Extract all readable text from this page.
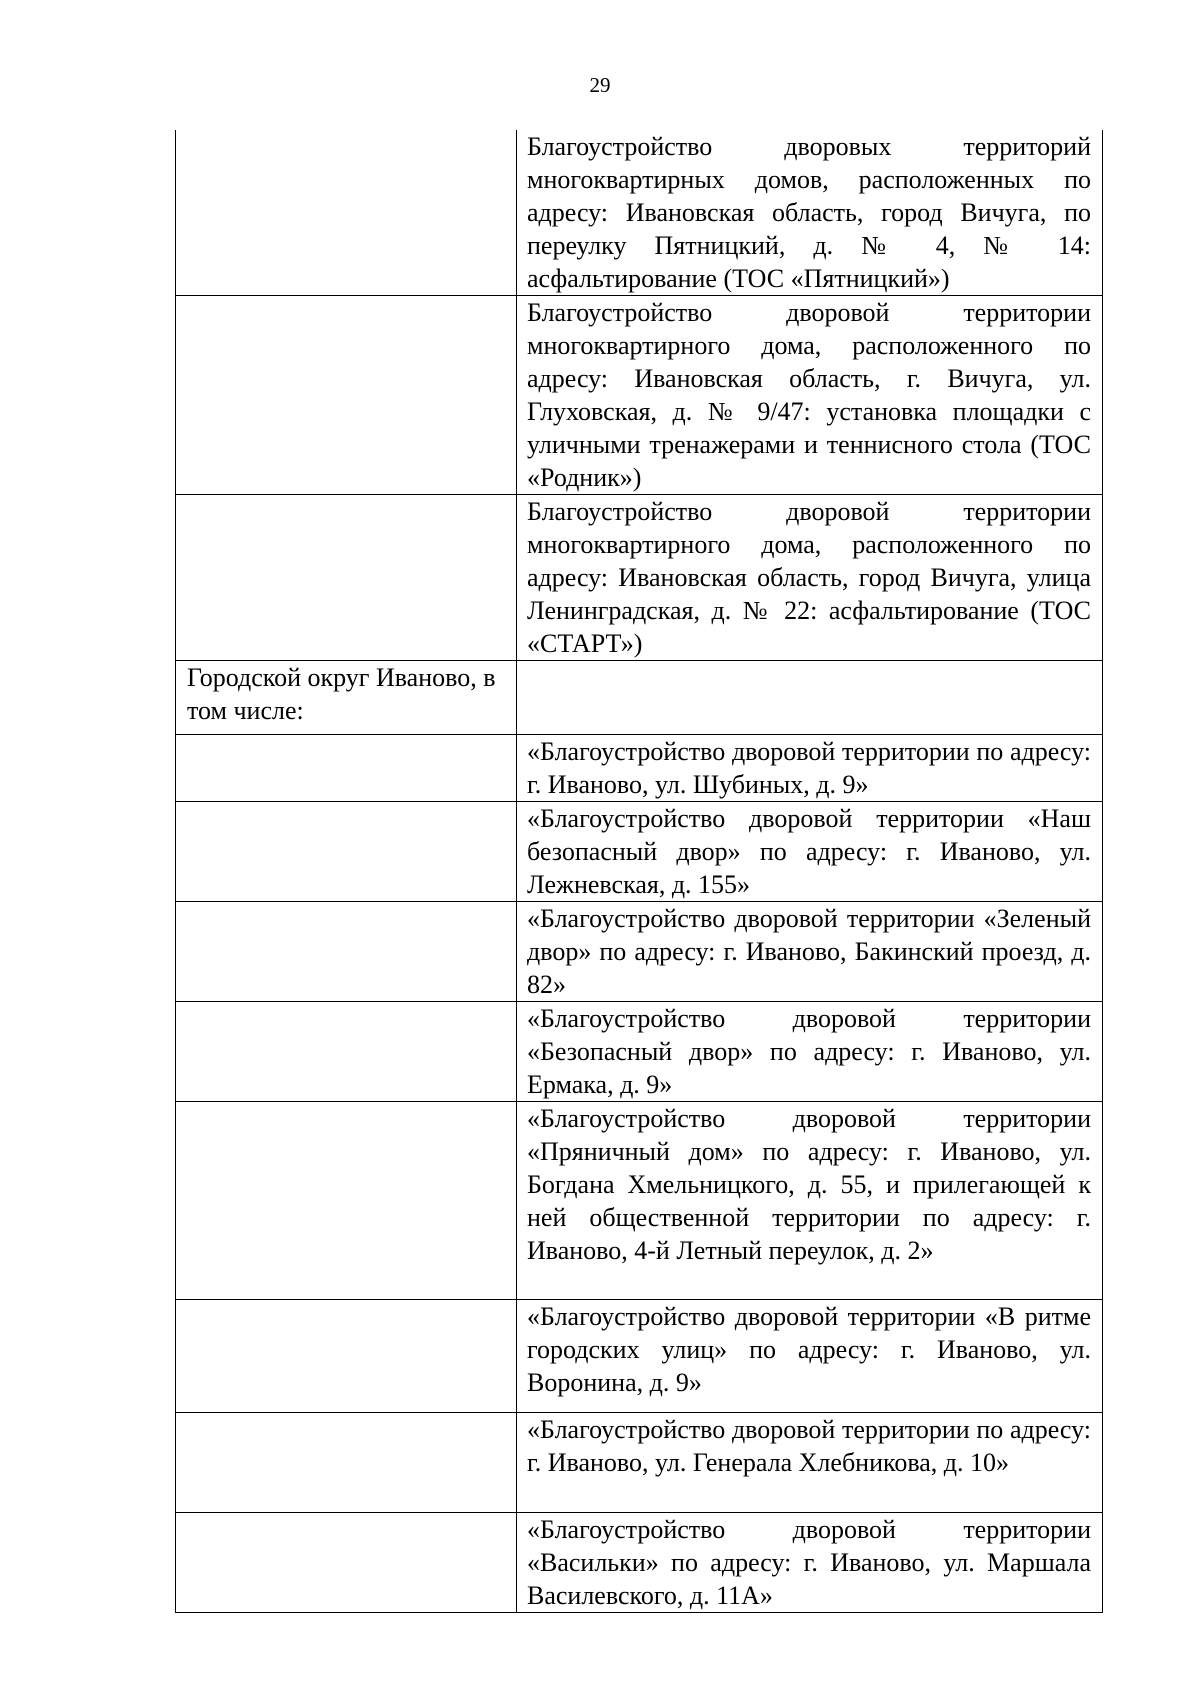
29

	Благоустройство дворовых территорий многоквартирных домов, расположенных по адресу: Ивановская область, город Вичуга, по переулку Пятницкий, д. № 4, № 14: асфальтирование (ТОС «Пятницкий»)

	Благоустройство дворовой территории многоквартирного дома, расположенного по адресу: Ивановская область, г. Вичуга, ул. Глуховская, д. № 9/47: установка площадки с уличными тренажерами и теннисного стола (ТОС «Родник»)

	Благоустройство дворовой территории многоквартирного дома, расположенного по адресу: Ивановская область, город Вичуга, улица Ленинградская, д. № 22: асфальтирование (ТОС «СТАРТ»)

Городской округ Иваново, в том числе:	

	«Благоустройство дворовой территории по адресу: г. Иваново, ул. Шубиных, д. 9»

	«Благоустройство дворовой территории «Наш безопасный двор» по адресу: г. Иваново, ул. Лежневская, д. 155»

	«Благоустройство дворовой территории «Зеленый двор» по адресу: г. Иваново, Бакинский проезд, д. 82»

	«Благоустройство дворовой территории «Безопасный двор» по адресу: г. Иваново, ул. Ермака, д. 9»

	«Благоустройство дворовой территории «Пряничный дом» по адресу: г. Иваново, ул. Богдана Хмельницкого, д. 55, и прилегающей к ней общественной территории по адресу: г. Иваново, 4-й Летный переулок, д. 2»

	«Благоустройство дворовой территории «В ритме городских улиц» по адресу: г. Иваново, ул. Воронина, д. 9»

	«Благоустройство дворовой территории по адресу: г. Иваново, ул. Генерала Хлебникова, д. 10»

	«Благоустройство дворовой территории «Васильки» по адресу: г. Иваново, ул. Маршала Василевского, д. 11А»
